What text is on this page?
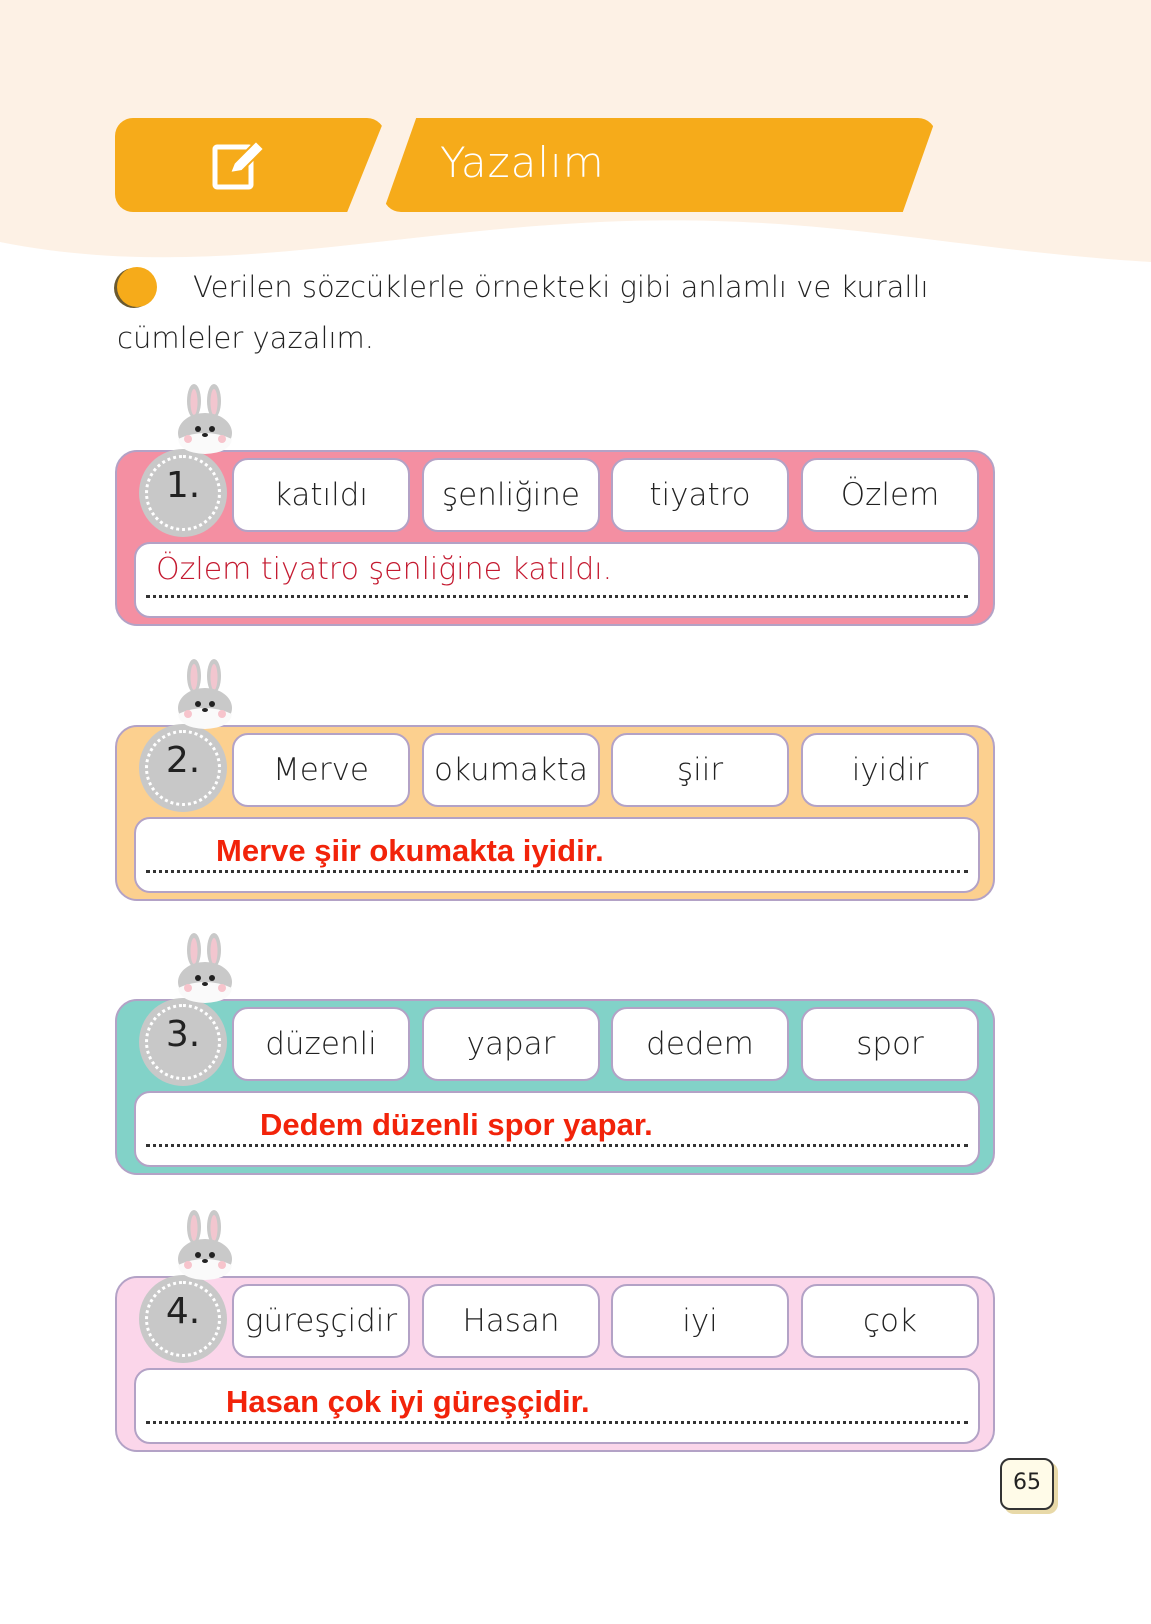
Yazalım
Verilen sözcüklerle örnekteki gibi anlamlı ve kurallı cümleler yazalım.
1.	katıldı	şenliğine	tiyatro	Özlem
Özlem tiyatro şenliğine katıldı.
2.	Merve	okumakta	şiir	iyidir
Merve şiir okumakta iyidir.
3.	düzenli	yapar	dedem	spor
Dedem düzenli spor yapar.
4.	güreşçidir	Hasan	iyi	çok
Hasan çok iyi güreşçidir.
65
